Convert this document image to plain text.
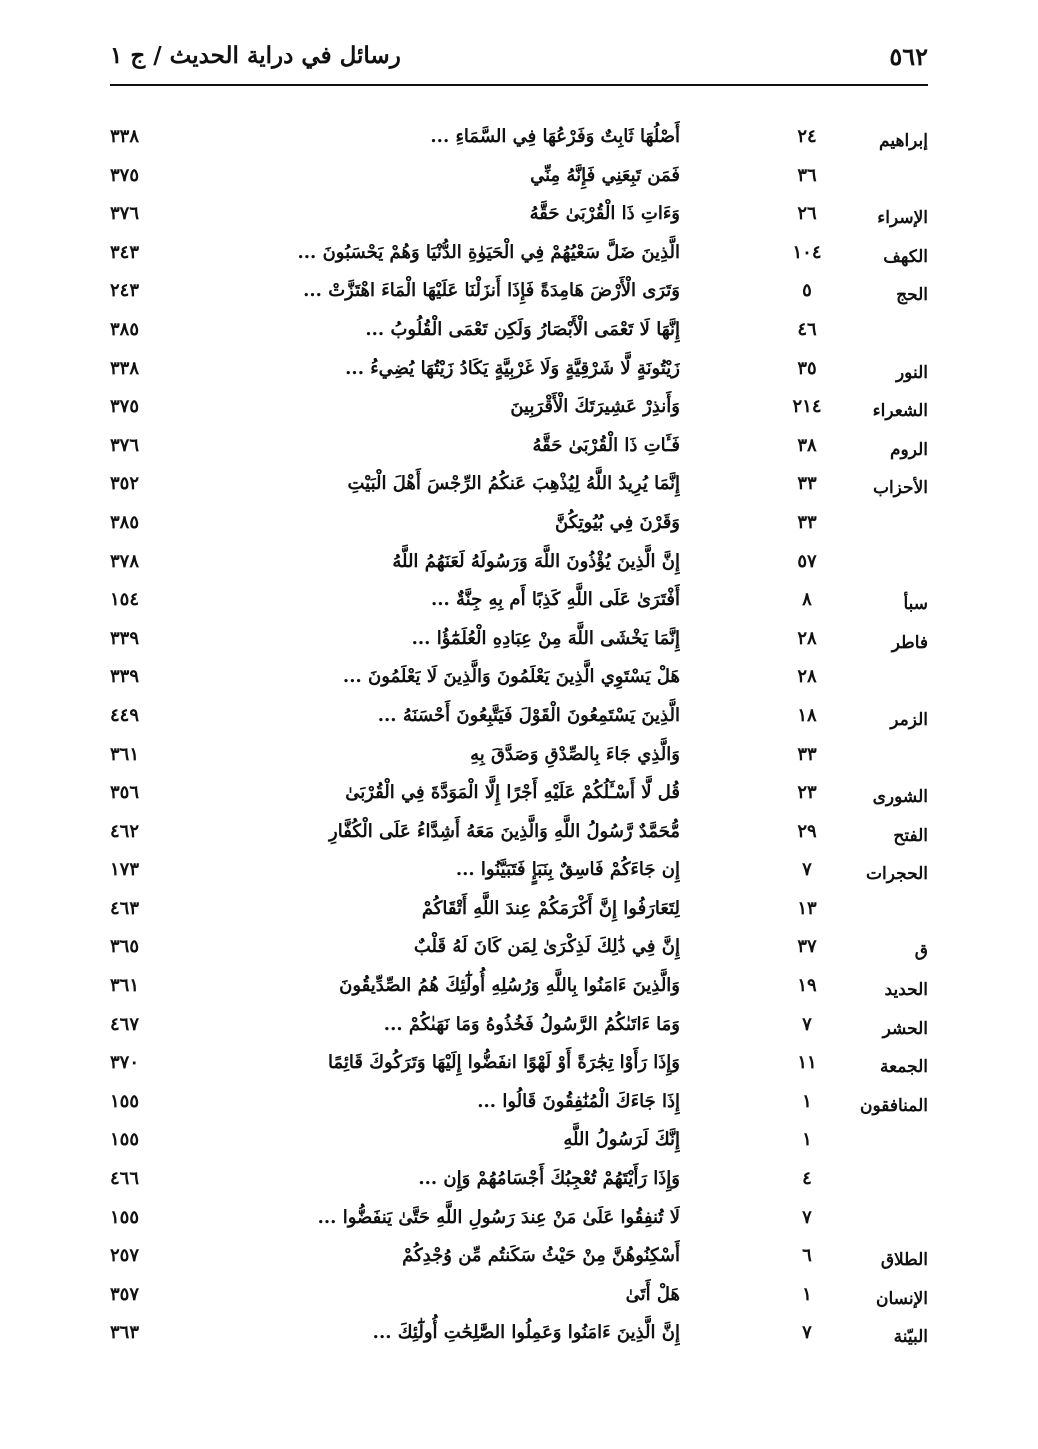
رسائل في دراية الحديث / ج ١	٥٦٢
إبراهيم
٢٤
أَصْلُهَا ثَابِتٌ وَفَرْعُهَا فِي السَّمَاءِ ...
٣٣٨
٣٦
فَمَن تَبِعَنِي فَإِنَّهُ مِنِّي
٣٧٥
الإسراء
٢٦
وَءَاتِ ذَا الْقُرْبَىٰ حَقَّهُ
٣٧٦
الكهف
١٠٤
الَّذِينَ ضَلَّ سَعْيُهُمْ فِي الْحَيَوٰةِ الدُّنْيَا وَهُمْ يَحْسَبُونَ ...
٣٤٣
الحج
٥
وَتَرَى الْأَرْضَ هَامِدَةً فَإِذَا أَنزَلْنَا عَلَيْهَا الْمَاءَ اهْتَزَّتْ ...
٢٤٣
٤٦
إِنَّهَا لَا تَعْمَى الْأَبْصَارُ وَلَكِن تَعْمَى الْقُلُوبُ ...
٣٨٥
النور
٣٥
زَيْتُونَةٍ لَّا شَرْقِيَّةٍ وَلَا غَرْبِيَّةٍ يَكَادُ زَيْتُهَا يُضِيءُ ...
٣٣٨
الشعراء
٢١٤
وَأَنذِرْ عَشِيرَتَكَ الْأَقْرَبِينَ
٣٧٥
الروم
٣٨
فَـَٔاتِ ذَا الْقُرْبَىٰ حَقَّهُ
٣٧٦
الأحزاب
٣٣
إِنَّمَا يُرِيدُ اللَّهُ لِيُذْهِبَ عَنكُمُ الرِّجْسَ أَهْلَ الْبَيْتِ
٣٥٢
٣٣
وَقَرْنَ فِي بُيُوتِكُنَّ
٣٨٥
٥٧
إِنَّ الَّذِينَ يُؤْذُونَ اللَّهَ وَرَسُولَهُ لَعَنَهُمُ اللَّهُ
٣٧٨
سبأ
٨
أَفْتَرَىٰ عَلَى اللَّهِ كَذِبًا أَم بِهِ جِنَّةٌ ...
١٥٤
فاطر
٢٨
إِنَّمَا يَخْشَى اللَّهَ مِنْ عِبَادِهِ الْعُلَمَٰٓؤُا ...
٣٣٩
٢٨
هَلْ يَسْتَوِي الَّذِينَ يَعْلَمُونَ وَالَّذِينَ لَا يَعْلَمُونَ ...
٣٣٩
الزمر
١٨
الَّذِينَ يَسْتَمِعُونَ الْقَوْلَ فَيَتَّبِعُونَ أَحْسَنَهُ ...
٤٤٩
٣٣
وَالَّذِي جَاءَ بِالصِّدْقِ وَصَدَّقَ بِهِ
٣٦١
الشورى
٢٣
قُل لَّا أَسْـَٔلُكُمْ عَلَيْهِ أَجْرًا إِلَّا الْمَوَدَّةَ فِي الْقُرْبَىٰ
٣٥٦
الفتح
٢٩
مُّحَمَّدٌ رَّسُولُ اللَّهِ وَالَّذِينَ مَعَهُ أَشِدَّاءُ عَلَى الْكُفَّارِ
٤٦٢
الحجرات
٧
إِن جَاءَكُمْ فَاسِقٌ بِنَبَإٍ فَتَبَيَّنُوا ...
١٧٣
١٣
لِتَعَارَفُوا إِنَّ أَكْرَمَكُمْ عِندَ اللَّهِ أَتْقَاكُمْ
٤٦٣
ق
٣٧
إِنَّ فِي ذَٰلِكَ لَذِكْرَىٰ لِمَن كَانَ لَهُ قَلْبٌ
٣٦٥
الحديد
١٩
وَالَّذِينَ ءَامَنُوا بِاللَّهِ وَرُسُلِهِ أُولَٰٓئِكَ هُمُ الصِّدِّيقُونَ
٣٦١
الحشر
٧
وَمَا ءَاتَىٰكُمُ الرَّسُولُ فَخُذُوهُ وَمَا نَهَىٰكُمْ ...
٤٦٧
الجمعة
١١
وَإِذَا رَأَوْا تِجَٰرَةً أَوْ لَهْوًا انفَضُّوا إِلَيْهَا وَتَرَكُوكَ قَائِمًا
٣٧٠
المنافقون
١
إِذَا جَاءَكَ الْمُنَٰفِقُونَ قَالُوا ...
١٥٥
١
إِنَّكَ لَرَسُولُ اللَّهِ
١٥٥
٤
وَإِذَا رَأَيْتَهُمْ تُعْجِبُكَ أَجْسَامُهُمْ وَإِن ...
٤٦٦
٧
لَا تُنفِقُوا عَلَىٰ مَنْ عِندَ رَسُولِ اللَّهِ حَتَّىٰ يَنفَضُّوا ...
١٥٥
الطلاق
٦
أَسْكِنُوهُنَّ مِنْ حَيْثُ سَكَنتُم مِّن وُجْدِكُمْ
٢٥٧
الإنسان
١
هَلْ أَتَىٰ
٣٥٧
البيّنة
٧
إِنَّ الَّذِينَ ءَامَنُوا وَعَمِلُوا الصَّٰلِحَٰتِ أُولَٰٓئِكَ ...
٣٦٣
